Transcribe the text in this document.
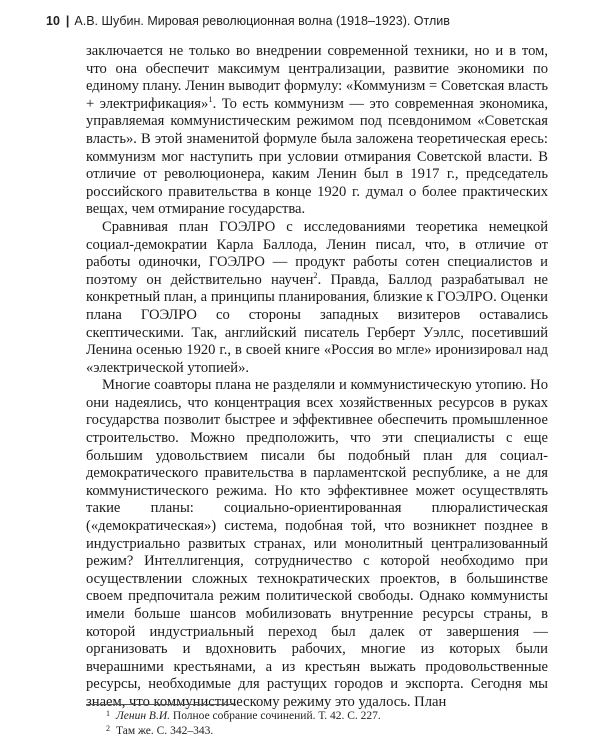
10 | А.В. Шубин. Мировая революционная волна (1918–1923). Отлив

заключается не только во внедрении современной техники, но и в том, что она обеспечит максимум централизации, развитие экономики по единому плану. Ленин выводит формулу: «Коммунизм = Советская власть + электрификация»$^1$. То есть коммунизм — это современная экономика, управляемая коммунистическим режимом под псевдонимом «Советская власть». В этой знаменитой формуле была заложена теоретическая ересь: коммунизм мог наступить при условии отмирания Советской власти. В отличие от революционера, каким Ленин был в 1917 г., председатель российского правительства в конце 1920 г. думал о более практических вещах, чем отмирание государства.

Сравнивая план ГОЭЛРО с исследованиями теоретика немецкой социал-демократии Карла Баллода, Ленин писал, что, в отличие от работы одиночки, ГОЭЛРО — продукт работы сотен специалистов и поэтому он действительно научен$^2$. Правда, Баллод разрабатывал не конкретный план, а принципы планирования, близкие к ГОЭЛРО. Оценки плана ГОЭЛРО со стороны западных визитеров оставались скептическими. Так, английский писатель Герберт Уэллс, посетивший Ленина осенью 1920 г., в своей книге «Россия во мгле» иронизировал над «электрической утопией».

Многие соавторы плана не разделяли и коммунистическую утопию. Но они надеялись, что концентрация всех хозяйственных ресурсов в руках государства позволит быстрее и эффективнее обеспечить промышленное строительство. Можно предположить, что эти специалисты с еще большим удовольствием писали бы подобный план для социал-демократического правительства в парламентской республике, а не для коммунистического режима. Но кто эффективнее может осуществлять такие планы: социально-ориентированная плюралистическая («демократическая») система, подобная той, что возникнет позднее в индустриально развитых странах, или монолитный централизованный режим? Интеллигенция, сотрудничество с которой необходимо при осуществлении сложных технократических проектов, в большинстве своем предпочитала режим политической свободы. Однако коммунисты имели больше шансов мобилизовать внутренние ресурсы страны, в которой индустриальный переход был далек от завершения — организовать и вдохновить рабочих, многие из которых были вчерашними крестьянами, а из крестьян выжать продовольственные ресурсы, необходимые для растущих городов и экспорта. Сегодня мы знаем, что коммунистическому режиму это удалось. План

1 Ленин В.И. Полное собрание сочинений. Т. 42. С. 227.
2 Там же. С. 342–343.
